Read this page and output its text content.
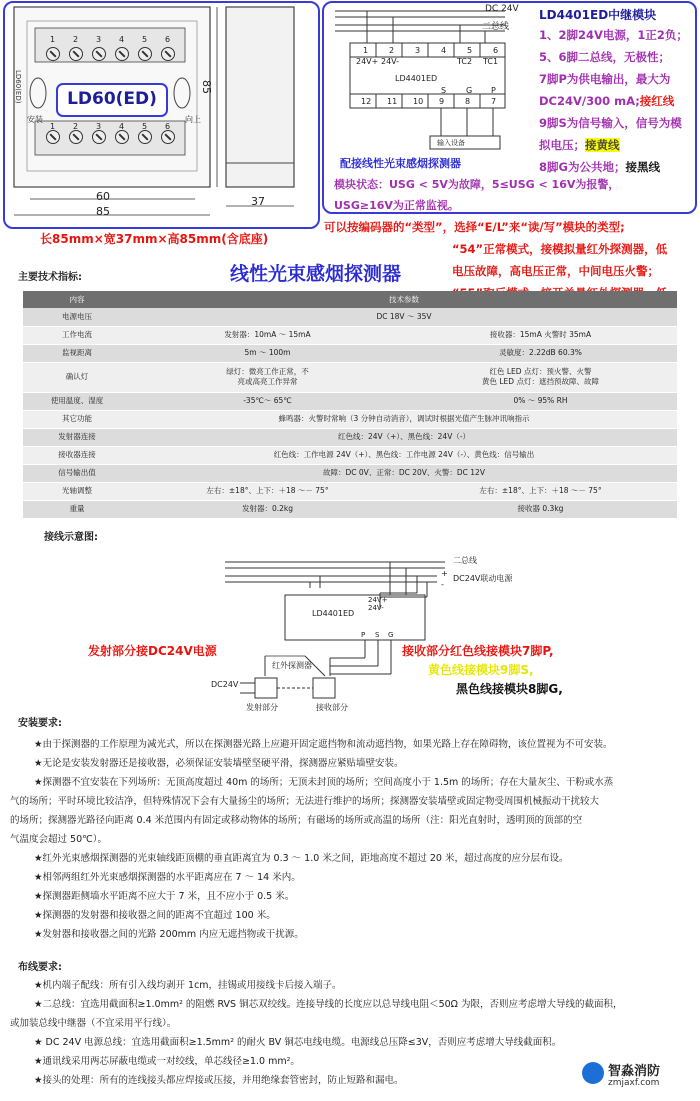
1
1
2
2
3
3
4
4
5
5
6
6
LD60(ED)
LD60(ED)
安装	向上
60
85
85
37
长85mm×宽37mm×高85mm(含底座)
DC 24V
二总线
1
12
2
11
3
10
4
9
5
8
6
7
24V+ 24V-	TC2 TC1
S G P
LD4401ED
输入设备
配接线性光束感烟探测器
LD4401ED中继模块
1、2脚24V电源，1正2负；
5、6脚二总线，无极性；
7脚P为供电输出，最大为
DC24V/300 mA;接红线
9脚S为信号输入，信号为模
拟电压；接黄线
8脚G为公共地；接黑线
模块状态：USG < 5V为故障，5≤USG < 16V为报警，
USG≥16V为正常监视。
可以按编码器的“类型”，选择“E/L”来“读/写”模块的类型;
“54”正常模式，接模拟量红外探测器，低
电压故障，高电压正常，中间电压火警；
主要技术指标:	线性光束感烟探测器
内容	技术参数	
电源电压	DC 18V ～ 35V	
工作电流	发射器：10mA ～ 15mA	接收器：15mA 火警时 35mA
监视距离	5m ～ 100m	灵敏度：2.22dB 60.3%
确认灯	绿灯：微亮工作正常，不
亮或高亮工作异常	红色 LED 点灯：预火警、火警
黄色 LED 点灯：遮挡预故障、故障
使用温度、湿度	-35℃～ 65℃	0% ～ 95% RH
其它功能	蜂鸣器：火警时常响（3 分钟自动消音），调试时根据光值产生脉冲讯响指示	
发射器连接	红色线：24V（+）、黑色线：24V（-）	
接收器连接	红色线：工作电源 24V（+）、黑色线：工作电源 24V（-）、黄色线：信号输出	
信号输出值	故障：DC 0V、正常：DC 20V、火警：DC 12V	
光轴调整	左右：±18°、上下：＋18 ～－ 75°	左右：±18°、上下：＋18 ～－ 75°
重量	发射器：0.2kg	接收器 0.3kg
接线示意图:
二总线
+
DC24V联动电源
-
LD4401ED
24V+
24V-
P S G
红外探测器
DC24V
发射部分	接收部分
发射部分接DC24V电源	接收部分红色线接模块7脚P,
黄色线接模块9脚S,
黑色线接模块8脚G,
安装要求:

★由于探测器的工作原理为减光式，所以在探测器光路上应避开固定遮挡物和流动遮挡物，如果光路上存在障碍物，该位置视为不可安装。

★无论是安装发射器还是接收器，必须保证安装墙壁坚硬平滑，探测器应紧贴墙壁安装。

★探测器不宜安装在下列场所：无顶高度超过 40m 的场所；无顶未封顶的场所；空间高度小于 1.5m 的场所；存在大量灰尘、干粉或水蒸

气的场所；平时环境比较洁净，但特殊情况下会有大量扬尘的场所；无法进行维护的场所；探测器安装墙壁或固定物受周围机械振动干扰较大

的场所；探测器光路径向距离 0.4 米范围内有固定或移动物体的场所；有磁场的场所或高温的场所（注：阳光直射时，透明顶的顶部的空

气温度会超过 50℃）。

★红外光束感烟探测器的光束轴线距顶棚的垂直距离宜为 0.3 ～ 1.0 米之间，距地高度不超过 20 米，超过高度的应分层布设。

★相邻两组红外光束感烟探测器的水平距离应在 7 ～ 14 米内。

★探测器距侧墙水平距离不应大于 7 米，且不应小于 0.5 米。

★探测器的发射器和接收器之间的距离不宜超过 100 米。

★发射器和接收器之间的光路 200mm 内应无遮挡物或干扰源。

布线要求:

★机内端子配线：所有引入线均剥开 1cm，挂锡或用接线卡后接入端子。

★二总线：宜选用截面积≥1.0mm² 的阻燃 RVS 铜芯双绞线。连接导线的长度应以总导线电阻＜50Ω 为限，否则应考虑增大导线的截面积，

或加装总线中继器（不宜采用平行线）。

★ DC 24V 电源总线：宜选用截面积≥1.5mm² 的耐火 BV 铜芯电线电缆。电源线总压降≤3V，否则应考虑增大导线截面积。

★通讯线采用两芯屏蔽电缆或一对绞线，单芯线径≥1.0 mm²。

★接头的处理：所有的连线接头都应焊接或压接，并用绝缘套管密封，防止短路和漏电。

智淼消防
zmjaxf.com
